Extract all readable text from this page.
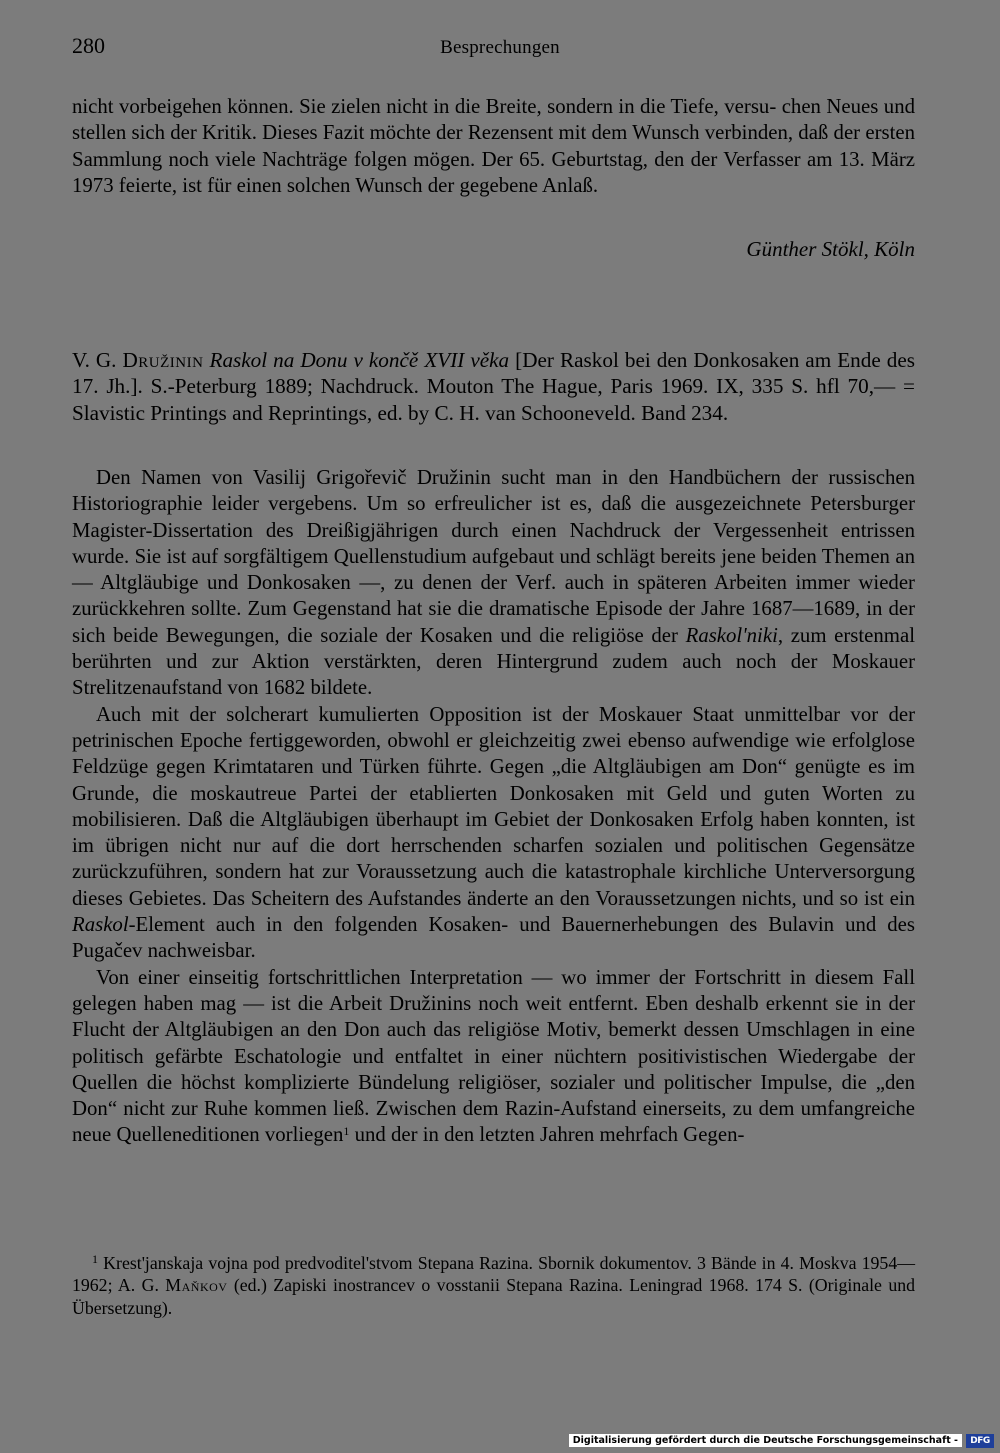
280	Besprechungen
nicht vorbeigehen können. Sie zielen nicht in die Breite, sondern in die Tiefe, versu- chen Neues und stellen sich der Kritik. Dieses Fazit möchte der Rezensent mit dem Wunsch verbinden, daß der ersten Sammlung noch viele Nachträge folgen mögen. Der 65. Geburtstag, den der Verfasser am 13. März 1973 feierte, ist für einen solchen Wunsch der gegebene Anlaß.
Günther Stökl, Köln
V. G. Družinin Raskol na Donu v končě XVII věka [Der Raskol bei den Donkosaken am Ende des 17. Jh.]. S.-Peterburg 1889; Nachdruck. Mouton The Hague, Paris 1969. IX, 335 S. hfl 70,— = Slavistic Printings and Reprintings, ed. by C. H. van Schooneveld. Band 234.

Den Namen von Vasilij Grigořevič Družinin sucht man in den Handbüchern der russischen Historiographie leider vergebens. Um so erfreulicher ist es, daß die ausgezeichnete Petersburger Magister-Dissertation des Dreißigjährigen durch einen Nachdruck der Vergessenheit entrissen wurde. Sie ist auf sorgfältigem Quellenstudium aufgebaut und schlägt bereits jene beiden Themen an — Altgläubige und Donkosaken —, zu denen der Verf. auch in späteren Arbeiten immer wieder zurückkehren sollte. Zum Gegenstand hat sie die dramatische Episode der Jahre 1687—1689, in der sich beide Bewegungen, die soziale der Kosaken und die religiöse der Raskol'niki, zum erstenmal berührten und zur Aktion verstärkten, deren Hintergrund zudem auch noch der Moskauer Strelitzenaufstand von 1682 bildete.

Auch mit der solcherart kumulierten Opposition ist der Moskauer Staat unmittelbar vor der petrinischen Epoche fertiggeworden, obwohl er gleichzeitig zwei ebenso aufwendige wie erfolglose Feldzüge gegen Krimtataren und Türken führte. Gegen „die Altgläubigen am Don“ genügte es im Grunde, die moskautreue Partei der etablierten Donkosaken mit Geld und guten Worten zu mobilisieren. Daß die Altgläubigen überhaupt im Gebiet der Donkosaken Erfolg haben konnten, ist im übrigen nicht nur auf die dort herrschenden scharfen sozialen und politischen Gegensätze zurückzuführen, sondern hat zur Voraussetzung auch die katastrophale kirchliche Unterversorgung dieses Gebietes. Das Scheitern des Aufstandes änderte an den Voraussetzungen nichts, und so ist ein Raskol-Element auch in den folgenden Kosaken- und Bauernerhebungen des Bulavin und des Pugačev nachweisbar.

Von einer einseitig fortschrittlichen Interpretation — wo immer der Fortschritt in diesem Fall gelegen haben mag — ist die Arbeit Družinins noch weit entfernt. Eben deshalb erkennt sie in der Flucht der Altgläubigen an den Don auch das religiöse Motiv, bemerkt dessen Umschlagen in eine politisch gefärbte Eschatologie und entfaltet in einer nüchtern positivistischen Wiedergabe der Quellen die höchst komplizierte Bündelung religiöser, sozialer und politischer Impulse, die „den Don“ nicht zur Ruhe kommen ließ. Zwischen dem Razin-Aufstand einerseits, zu dem umfangreiche neue Quelleneditionen vorliegen$^1$ und der in den letzten Jahren mehrfach Gegen-

$^1$ Krest'janskaja vojna pod predvoditel'stvom Stepana Razina. Sbornik dokumentov. 3 Bände in 4. Moskva 1954—1962; A. G. Maňkov (ed.) Zapiski inostrancev o vosstanii Stepana Razina. Leningrad 1968. 174 S. (Originale und Übersetzung).
Digitalisierung gefördert durch die Deutsche Forschungsgemeinschaft -	DFG
